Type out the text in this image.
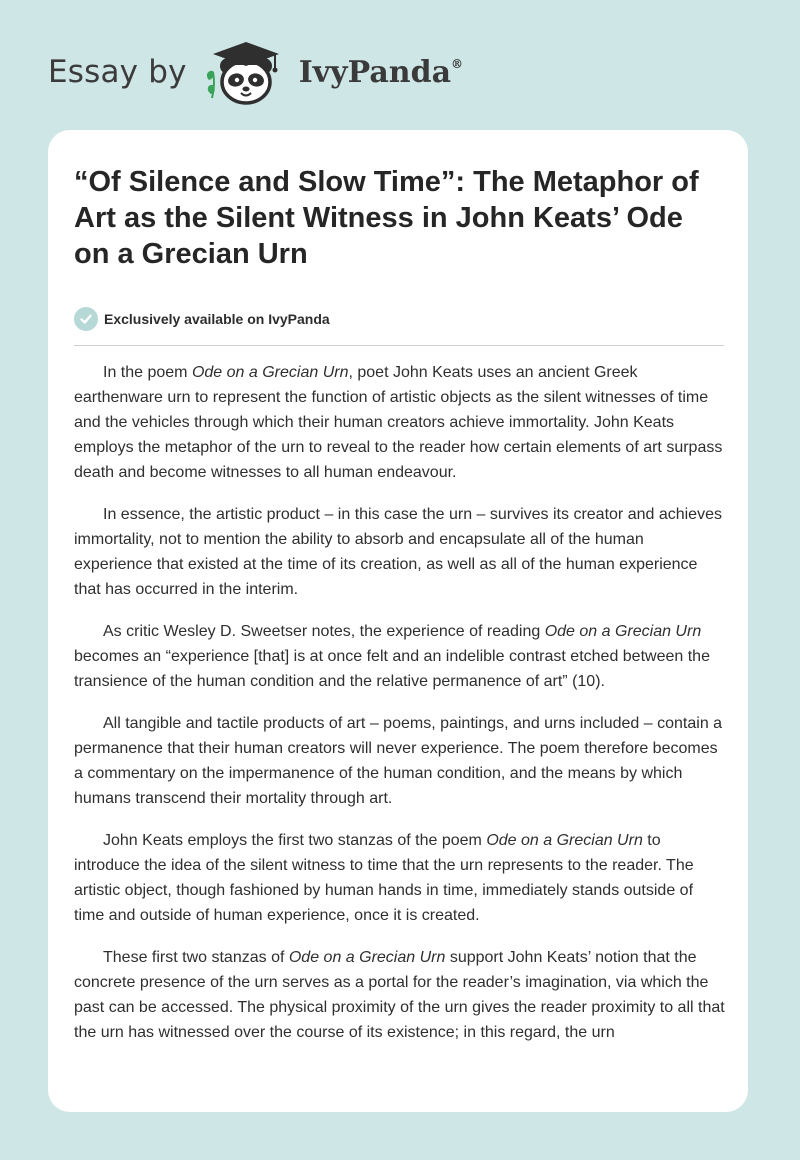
Essay by	IvyPanda®
“Of Silence and Slow Time”: The Metaphor of Art as the Silent Witness in John Keats’ Ode on a Grecian Urn
Exclusively available on IvyPanda

In the poem Ode on a Grecian Urn, poet John Keats uses an ancient Greek earthenware urn to represent the function of artistic objects as the silent witnesses of time and the vehicles through which their human creators achieve immortality. John Keats employs the metaphor of the urn to reveal to the reader how certain elements of art surpass death and become witnesses to all human endeavour.

In essence, the artistic product – in this case the urn – survives its creator and achieves immortality, not to mention the ability to absorb and encapsulate all of the human experience that existed at the time of its creation, as well as all of the human experience that has occurred in the interim.

As critic Wesley D. Sweetser notes, the experience of reading Ode on a Grecian Urn becomes an “experience [that] is at once felt and an indelible contrast etched between the transience of the human condition and the relative permanence of art” (10).

All tangible and tactile products of art – poems, paintings, and urns included – contain a permanence that their human creators will never experience. The poem therefore becomes a commentary on the impermanence of the human condition, and the means by which humans transcend their mortality through art.

John Keats employs the first two stanzas of the poem Ode on a Grecian Urn to introduce the idea of the silent witness to time that the urn represents to the reader. The artistic object, though fashioned by human hands in time, immediately stands outside of time and outside of human experience, once it is created.

These first two stanzas of Ode on a Grecian Urn support John Keats’ notion that the concrete presence of the urn serves as a portal for the reader’s imagination, via which the past can be accessed. The physical proximity of the urn gives the reader proximity to all that the urn has witnessed over the course of its existence; in this regard, the urn
